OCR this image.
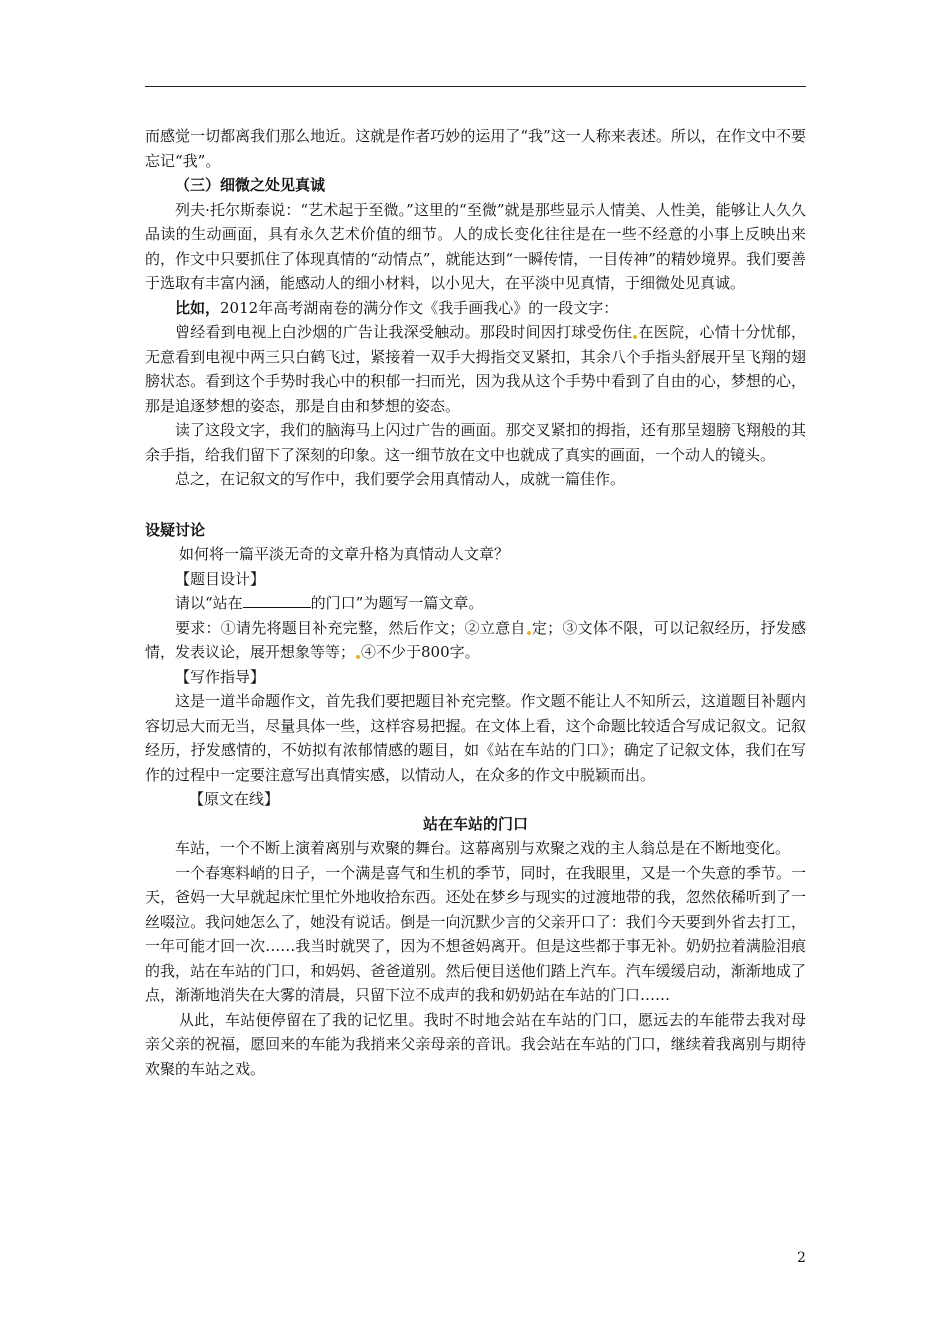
而感觉一切都离我们那么地近。这就是作者巧妙的运用了“我”这一人称来表述。所以，在作文中不要忘记“我”。

（三）细微之处见真诚

列夫·托尔斯泰说：“艺术起于至微。”这里的“至微”就是那些显示人情美、人性美，能够让人久久品读的生动画面，具有永久艺术价值的细节。人的成长变化往往是在一些不经意的小事上反映出来的，作文中只要抓住了体现真情的“动情点”，就能达到“一瞬传情，一目传神”的精妙境界。我们要善于选取有丰富内涵，能感动人的细小材料，以小见大，在平淡中见真情，于细微处见真诚。

比如，2012年高考湖南卷的满分作文《我手画我心》的一段文字：

曾经看到电视上白沙烟的广告让我深受触动。那段时间因打球受伤住 在医院，心情十分忧郁，无意看到电视中两三只白鹤飞过，紧接着一双手大拇指交叉紧扣，其余八个手指头舒展开呈飞翔的翅膀状态。看到这个手势时我心中的积郁一扫而光，因为我从这个手势中看到了自由的心，梦想的心，那是追逐梦想的姿态，那是自由和梦想的姿态。

读了这段文字，我们的脑海马上闪过广告的画面。那交叉紧扣的拇指，还有那呈翅膀飞翔般的其余手指，给我们留下了深刻的印象。这一细节放在文中也就成了真实的画面，一个动人的镜头。

总之，在记叙文的写作中，我们要学会用真情动人，成就一篇佳作。

设疑讨论

如何将一篇平淡无奇的文章升格为真情动人文章？

【题目设计】

请以“站在	的门口”为题写一篇文章。

要求：①请先将题目补充完整，然后作文；②立意自 定；③文体不限，可以记叙经历，抒发感情，发表议论，展开想象等等； ④不少于800字。

【写作指导】

这是一道半命题作文，首先我们要把题目补充完整。作文题不能让人不知所云，这道题目补题内容切忌大而无当，尽量具体一些，这样容易把握。在文体上看，这个命题比较适合写成记叙文。记叙经历，抒发感情的，不妨拟有浓郁情感的题目，如《站在车站的门口》；确定了记叙文体，我们在写作的过程中一定要注意写出真情实感，以情动人，在众多的作文中脱颖而出。

【原文在线】

站在车站的门口

车站，一个不断上演着离别与欢聚的舞台。这幕离别与欢聚之戏的主人翁总是在不断地变化。

一个春寒料峭的日子，一个满是喜气和生机的季节，同时，在我眼里，又是一个失意的季节。一天，爸妈一大早就起床忙里忙外地收拾东西。还处在梦乡与现实的过渡地带的我，忽然依稀听到了一丝啜泣。我问她怎么了，她没有说话。倒是一向沉默少言的父亲开口了：我们今天要到外省去打工，一年可能才回一次……我当时就哭了，因为不想爸妈离开。但是这些都于事无补。奶奶拉着满脸泪痕的我，站在车站的门口，和妈妈、爸爸道别。然后便目送他们踏上汽车。汽车缓缓启动，渐渐地成了点，渐渐地消失在大雾的清晨，只留下泣不成声的我和奶奶站在车站的门口……

从此，车站便停留在了我的记忆里。我时不时地会站在车站的门口，愿远去的车能带去我对母亲父亲的祝福，愿回来的车能为我捎来父亲母亲的音讯。我会站在车站的门口，继续着我离别与期待欢聚的车站之戏。

2
